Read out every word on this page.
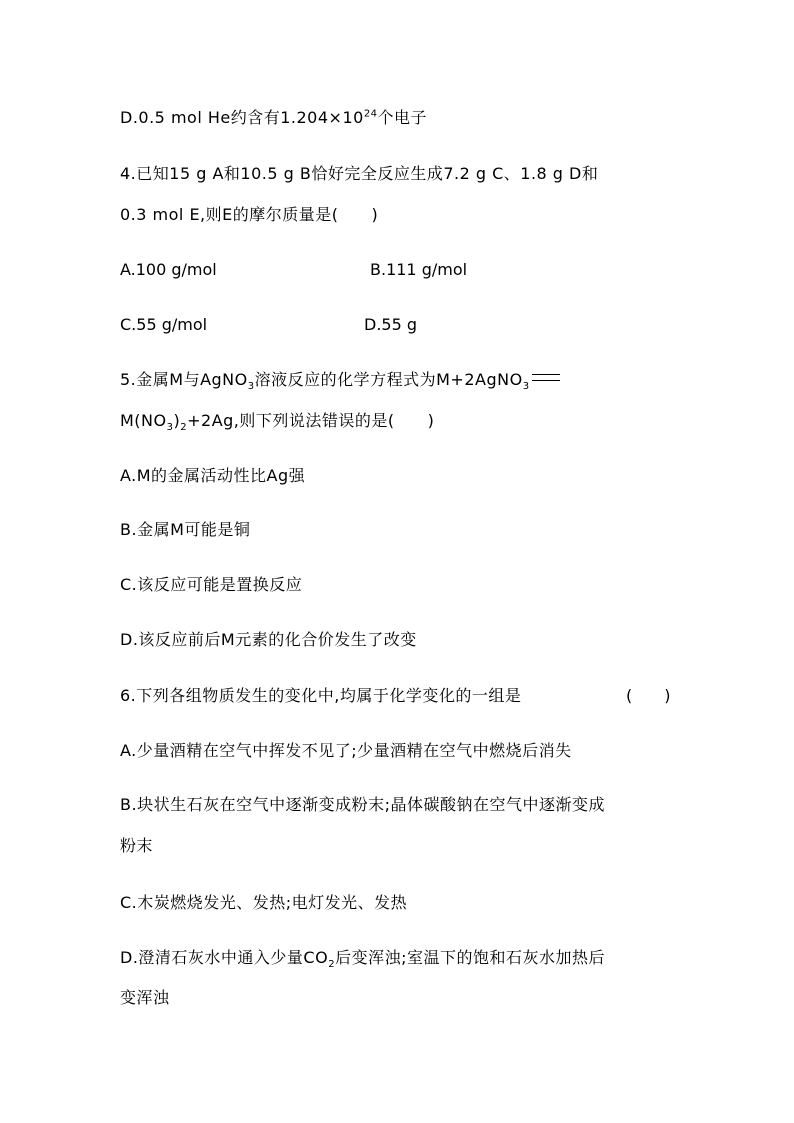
D.0.5 mol He约含有$1.204\times 10^{24}$个电子
4.已知15 g A和10.5 g B恰好完全反应生成7.2 g C、1.8 g D和
0.3 mol E,则E的摩尔质量是(　　)
A.100 g/mol	B.111 g/mol
C.55 g/mol	D.55 g
5.金属M与AgNO$_3$溶液反应的化学方程式为M+2AgNO$_3$
$M(NO_3)_2+2Ag$,则下列说法错误的是(　　)
A.M的金属活动性比Ag强
B.金属M可能是铜
C.该反应可能是置换反应
D.该反应前后M元素的化合价发生了改变
6.下列各组物质发生的变化中,均属于化学变化的一组是	(　　)
A.少量酒精在空气中挥发不见了;少量酒精在空气中燃烧后消失
B.块状生石灰在空气中逐渐变成粉末;晶体碳酸钠在空气中逐渐变成
粉末
C.木炭燃烧发光、发热;电灯发光、发热
D.澄清石灰水中通入少量$CO_2$后变浑浊;室温下的饱和石灰水加热后
变浑浊
